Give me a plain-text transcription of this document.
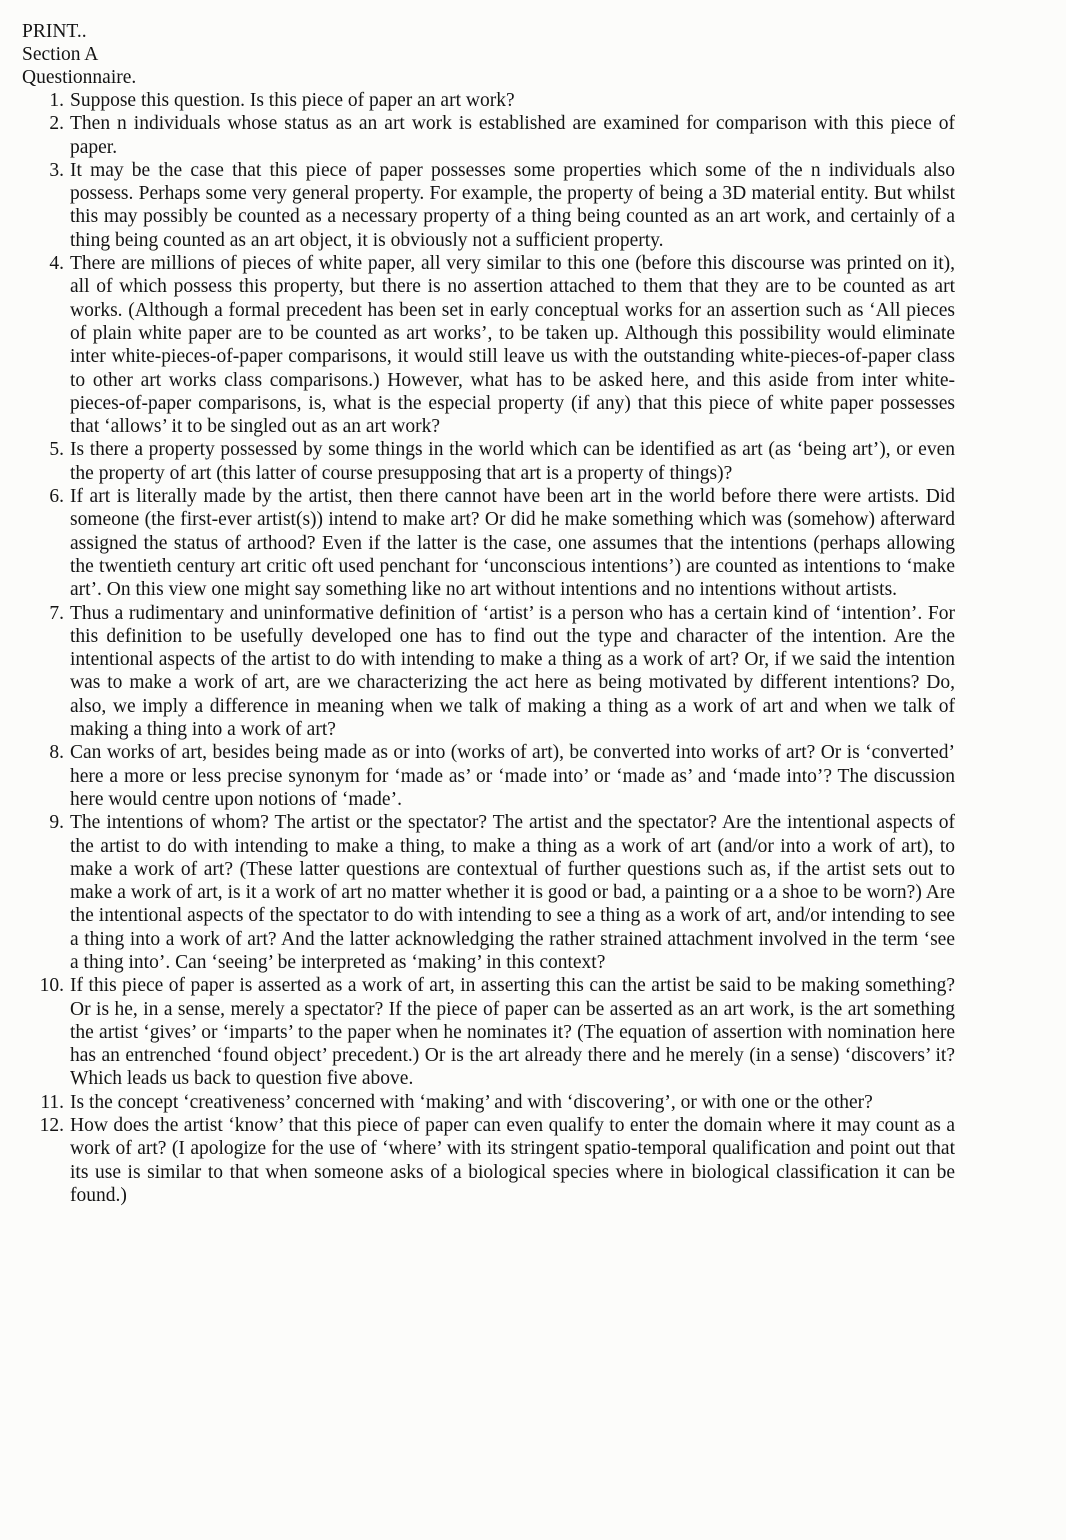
PRINT..
Section A
Questionnaire.
1. Suppose this question. Is this piece of paper an art work?
2. Then n individuals whose status as an art work is established are examined for comparison with this piece of paper.
3. It may be the case that this piece of paper possesses some properties which some of the n individuals also possess. Perhaps some very general property. For example, the property of being a 3D material entity. But whilst this may possibly be counted as a necessary property of a thing being counted as an art work, and certainly of a thing being counted as an art object, it is obviously not a sufficient property.
4. There are millions of pieces of white paper, all very similar to this one (before this discourse was printed on it), all of which possess this property, but there is no assertion attached to them that they are to be counted as art works. (Although a formal precedent has been set in early conceptual works for an assertion such as ‘All pieces of plain white paper are to be counted as art works’, to be taken up. Although this possibility would eliminate inter white-pieces-of-paper comparisons, it would still leave us with the outstanding white-pieces-of-paper class to other art works class comparisons.) However, what has to be asked here, and this aside from inter white-pieces-of-paper comparisons, is, what is the especial property (if any) that this piece of white paper possesses that ‘allows’ it to be singled out as an art work?
5. Is there a property possessed by some things in the world which can be identified as art (as ‘being art’), or even the property of art (this latter of course presupposing that art is a property of things)?
6. If art is literally made by the artist, then there cannot have been art in the world before there were artists. Did someone (the first-ever artist(s)) intend to make art? Or did he make something which was (somehow) afterward assigned the status of arthood? Even if the latter is the case, one assumes that the intentions (perhaps allowing the twentieth century art critic oft used penchant for ‘unconscious intentions’) are counted as intentions to ‘make art’. On this view one might say something like no art without intentions and no intentions without artists.
7. Thus a rudimentary and uninformative definition of ‘artist’ is a person who has a certain kind of ‘intention’. For this definition to be usefully developed one has to find out the type and character of the intention. Are the intentional aspects of the artist to do with intending to make a thing as a work of art? Or, if we said the intention was to make a work of art, are we characterizing the act here as being motivated by different intentions? Do, also, we imply a difference in meaning when we talk of making a thing as a work of art and when we talk of making a thing into a work of art?
8. Can works of art, besides being made as or into (works of art), be converted into works of art? Or is ‘converted’ here a more or less precise synonym for ‘made as’ or ‘made into’ or ‘made as’ and ‘made into’? The discussion here would centre upon notions of ‘made’.
9. The intentions of whom? The artist or the spectator? The artist and the spectator? Are the intentional aspects of the artist to do with intending to make a thing, to make a thing as a work of art (and/or into a work of art), to make a work of art? (These latter questions are contextual of further questions such as, if the artist sets out to make a work of art, is it a work of art no matter whether it is good or bad, a painting or a a shoe to be worn?) Are the intentional aspects of the spectator to do with intending to see a thing as a work of art, and/or intending to see a thing into a work of art? And the latter acknowledging the rather strained attachment involved in the term ‘see a thing into’. Can ‘seeing’ be interpreted as ‘making’ in this context?
10. If this piece of paper is asserted as a work of art, in asserting this can the artist be said to be making something? Or is he, in a sense, merely a spectator? If the piece of paper can be asserted as an art work, is the art something the artist ‘gives’ or ‘imparts’ to the paper when he nominates it? (The equation of assertion with nomination here has an entrenched ‘found object’ precedent.) Or is the art already there and he merely (in a sense) ‘discovers’ it? Which leads us back to question five above.
11. Is the concept ‘creativeness’ concerned with ‘making’ and with ‘discovering’, or with one or the other?
12. How does the artist ‘know’ that this piece of paper can even qualify to enter the domain where it may count as a work of art? (I apologize for the use of ‘where’ with its stringent spatio-temporal qualification and point out that its use is similar to that when someone asks of a biological species where in biological classification it can be found.)
